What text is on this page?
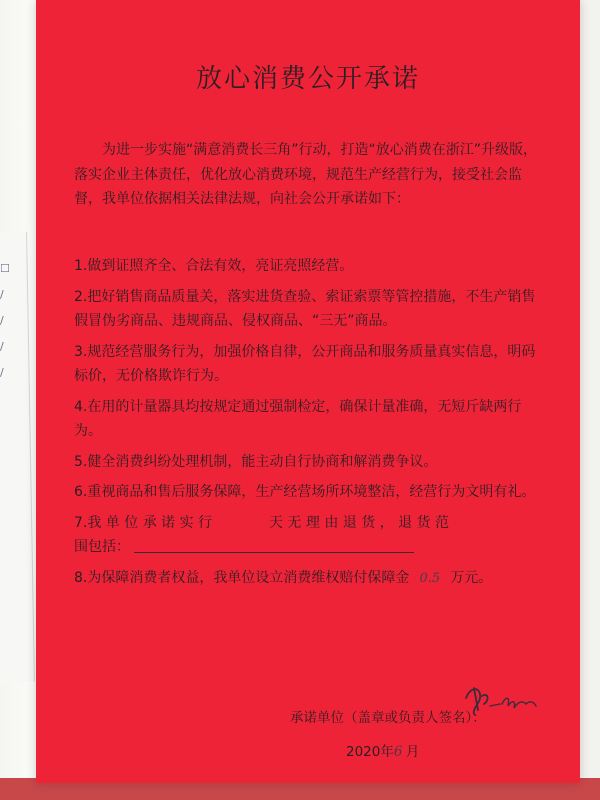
☐
/
/
/
/
放心消费公开承诺
为进一步实施“满意消费长三角”行动，打造“放心消费在浙江”升级版，落实企业主体责任，优化放心消费环境，规范生产经营行为，接受社会监督，我单位依据相关法律法规，向社会公开承诺如下：
1.做到证照齐全、合法有效，亮证亮照经营。
2.把好销售商品质量关，落实进货查验、索证索票等管控措施，不生产销售假冒伪劣商品、违规商品、侵权商品、“三无”商品。
3.规范经营服务行为，加强价格自律，公开商品和服务质量真实信息，明码标价，无价格欺诈行为。
4.在用的计量器具均按规定通过强制检定，确保计量准确，无短斤缺两行为。
5.健全消费纠纷处理机制，能主动自行协商和解消费争议。
6.重视商品和售后服务保障，生产经营场所环境整洁，经营行为文明有礼。
7.我 单 位 承 诺 实 行	天 无 理 由 退 货 ， 退 货 范
围包括：
8.为保障消费者权益，我单位设立消费维权赔付保障金 0.5 万元。
承诺单位（盖章或负责人签名）：
2020年6 月
